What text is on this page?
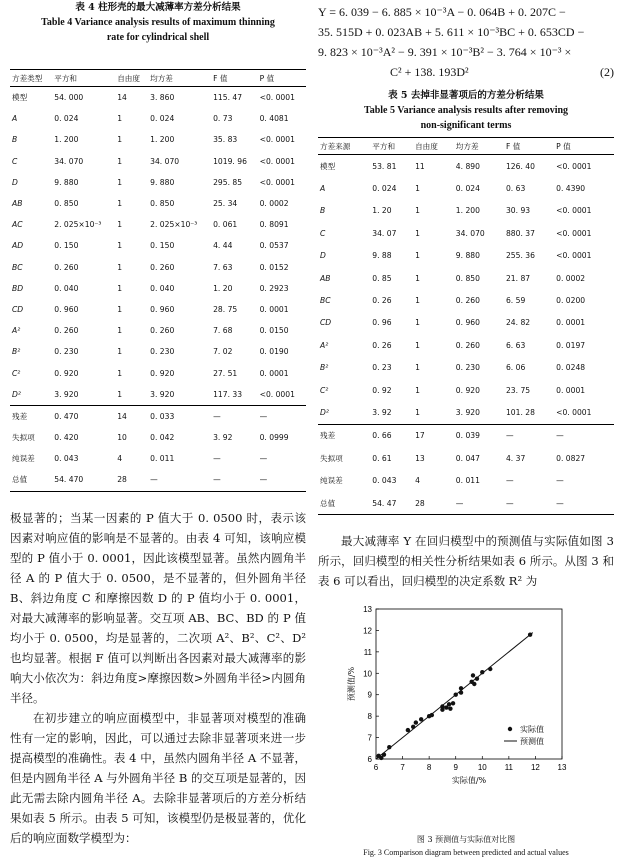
表 4 柱形壳的最大减薄率方差分析结果
Table 4 Variance analysis results of maximum thinning
rate for cylindrical shell
方差类型	平方和	自由度	均方差	F 值	P 值
模型	54. 000	14	3. 860	115. 47	<0. 0001
A	0. 024	1	0. 024	0. 73	0. 4081
B	1. 200	1	1. 200	35. 83	<0. 0001
C	34. 070	1	34. 070	1019. 96	<0. 0001
D	9. 880	1	9. 880	295. 85	<0. 0001
AB	0. 850	1	0. 850	25. 34	0. 0002
AC	2. 025×10⁻³	1	2. 025×10⁻³	0. 061	0. 8091
AD	0. 150	1	0. 150	4. 44	0. 0537
BC	0. 260	1	0. 260	7. 63	0. 0152
BD	0. 040	1	0. 040	1. 20	0. 2923
CD	0. 960	1	0. 960	28. 75	0. 0001
A²	0. 260	1	0. 260	7. 68	0. 0150
B²	0. 230	1	0. 230	7. 02	0. 0190
C²	0. 920	1	0. 920	27. 51	0. 0001
D²	3. 920	1	3. 920	117. 33	<0. 0001
残差	0. 470	14	0. 033	—	—
失拟项	0. 420	10	0. 042	3. 92	0. 0999
纯误差	0. 043	4	0. 011	—	—
总值	54. 470	28	—	—	—

极显著的；当某一因素的 P 值大于 0. 0500 时，表示该因素对响应值的影响是不显著的。由表 4 可知，该响应模型的 P 值小于 0. 0001，因此该模型显著。虽然内圆角半径 A 的 P 值大于 0. 0500，是不显著的，但外圆角半径 B、斜边角度 C 和摩擦因数 D 的 P 值均小于 0. 0001，对最大减薄率的影响显著。交互项 AB、BC、BD 的 P 值均小于 0. 0500，均是显著的，二次项 A²、B²、C²、D² 也均显著。根据 F 值可以判断出各因素对最大减薄率的影响大小依次为：斜边角度>摩擦因数>外圆角半径>内圆角半径。

在初步建立的响应面模型中，非显著项对模型的准确性有一定的影响，因此，可以通过去除非显著项来进一步提高模型的准确性。表 4 中，虽然内圆角半径 A 不显著，但是内圆角半径 A 与外圆角半径 B 的交互项是显著的，因此无需去除内圆角半径 A。去除非显著项后的方差分析结果如表 5 所示。由表 5 可知，该模型仍是极显著的，优化后的响应面数学模型为：

Y = 6. 039 − 6. 885 × 10⁻³A − 0. 064B + 0. 207C −
35. 515D + 0. 023AB + 5. 611 × 10⁻³BC + 0. 653CD −
9. 823 × 10⁻³A² − 9. 391 × 10⁻³B² − 3. 764 × 10⁻³ ×
(2)
C² + 138. 193D²
表 5 去掉非显著项后的方差分析结果
Table 5 Variance analysis results after removing
non-significant terms
方差来源	平方和	自由度	均方差	F 值	P 值
模型	53. 81	11	4. 890	126. 40	<0. 0001
A	0. 024	1	0. 024	0. 63	0. 4390
B	1. 20	1	1. 200	30. 93	<0. 0001
C	34. 07	1	34. 070	880. 37	<0. 0001
D	9. 88	1	9. 880	255. 36	<0. 0001
AB	0. 85	1	0. 850	21. 87	0. 0002
BC	0. 26	1	0. 260	6. 59	0. 0200
CD	0. 96	1	0. 960	24. 82	0. 0001
A²	0. 26	1	0. 260	6. 63	0. 0197
B²	0. 23	1	0. 230	6. 06	0. 0248
C²	0. 92	1	0. 920	23. 75	0. 0001
D²	3. 92	1	3. 920	101. 28	<0. 0001
残差	0. 66	17	0. 039	—	—
失拟项	0. 61	13	0. 047	4. 37	0. 0827
纯误差	0. 043	4	0. 011	—	—
总值	54. 47	28	—	—	—

最大减薄率 Y 在回归模型中的预测值与实际值如图 3 所示，回归模型的相关性分析结果如表 6 所示。从图 3 和表 6 可以看出，回归模型的决定系数 R² 为

6	7	8	9 10 11 12 13
6
7
8
9
10
11
12
13
实际值/%
预测值/%
实际值
预测值
图 3 预测值与实际值对比图
Fig. 3 Comparison diagram between predicted and actual values
